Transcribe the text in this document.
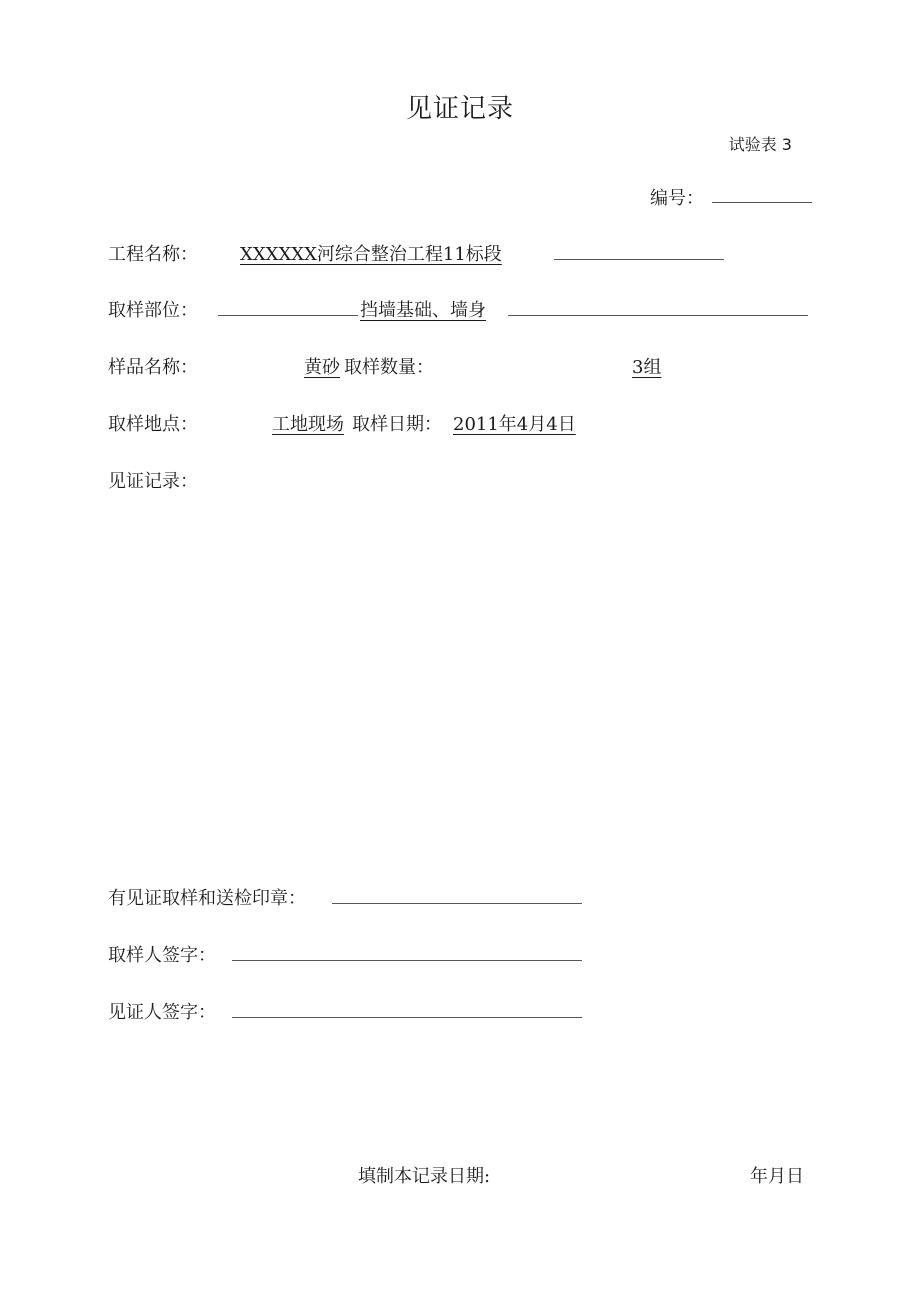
见证记录
试验表 3
编号：
工程名称： XXXXXX河综合整治工程11标段
取样部位：	挡墙基础、墙身
样品名称：	黄砂 取样数量：	3组
取样地点：	工地现场 取样日期： 2011年4月4日
见证记录：
有见证取样和送检印章：
取样人签字：
见证人签字：
填制本记录日期:	年月日
